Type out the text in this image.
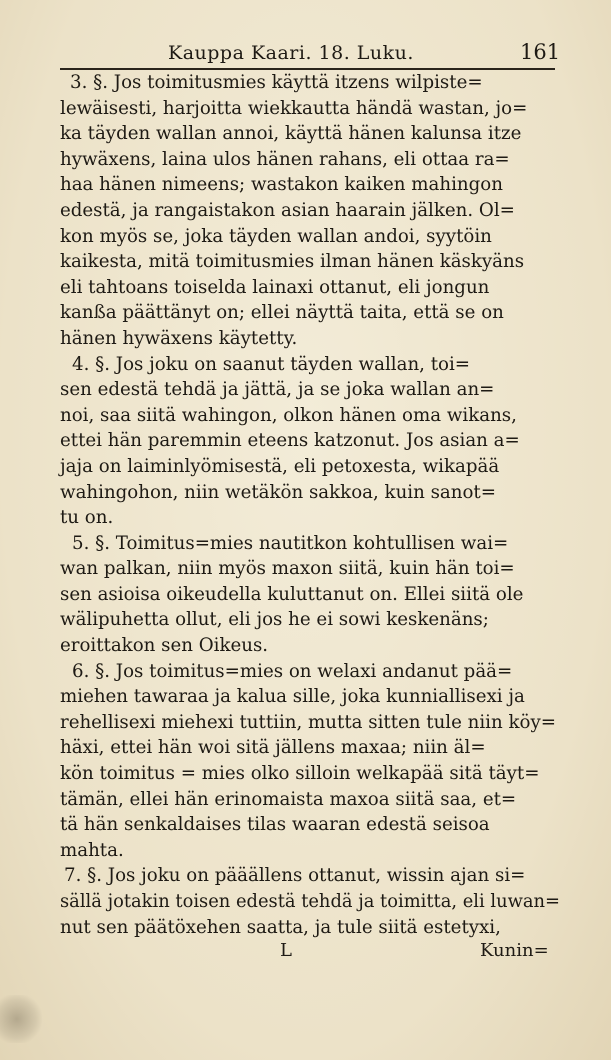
Kauppa Kaari. 18. Luku.	161
3. §. Jos toimitusmies käyttä itzens wilpiste=
lewäisesti, harjoitta wiekkautta händä wastan, jo=
ka täyden wallan annoi, käyttä hänen kalunsa itze
hywäxens, laina ulos hänen rahans, eli ottaa ra=
haa hänen nimeens; wastakon kaiken mahingon
edestä, ja rangaistakon asian haarain jälken. Ol=
kon myös se, joka täyden wallan andoi, syytöin
kaikesta, mitä toimitusmies ilman hänen käskyäns
eli tahtoans toiselda lainaxi ottanut, eli jongun
kanßa päättänyt on; ellei näyttä taita, että se on
hänen hywäxens käytetty.
4. §. Jos joku on saanut täyden wallan, toi=
sen edestä tehdä ja jättä, ja se joka wallan an=
noi, saa siitä wahingon, olkon hänen oma wikans,
ettei hän paremmin eteens katzonut. Jos asian a=
jaja on laiminlyömisestä, eli petoxesta, wikapää
wahingohon, niin wetäkön sakkoa, kuin sanot=
tu on.
5. §. Toimitus=mies nautitkon kohtullisen wai=
wan palkan, niin myös maxon siitä, kuin hän toi=
sen asioisa oikeudella kuluttanut on. Ellei siitä ole
wälipuhetta ollut, eli jos he ei sowi keskenäns;
eroittakon sen Oikeus.
6. §. Jos toimitus=mies on welaxi andanut pää=
miehen tawaraa ja kalua sille, joka kunniallisexi ja
rehellisexi miehexi tuttiin, mutta sitten tule niin köy=
häxi, ettei hän woi sitä jällens maxaa; niin äl=
kön toimitus = mies olko silloin welkapää sitä täyt=
tämän, ellei hän erinomaista maxoa siitä saa, et=
tä hän senkaldaises tilas waaran edestä seisoa
mahta.
7. §. Jos joku on pääällens ottanut, wissin ajan si=
sällä jotakin toisen edestä tehdä ja toimitta, eli luwan=
nut sen päätöxehen saatta, ja tule siitä estetyxi,
L	Kunin=
